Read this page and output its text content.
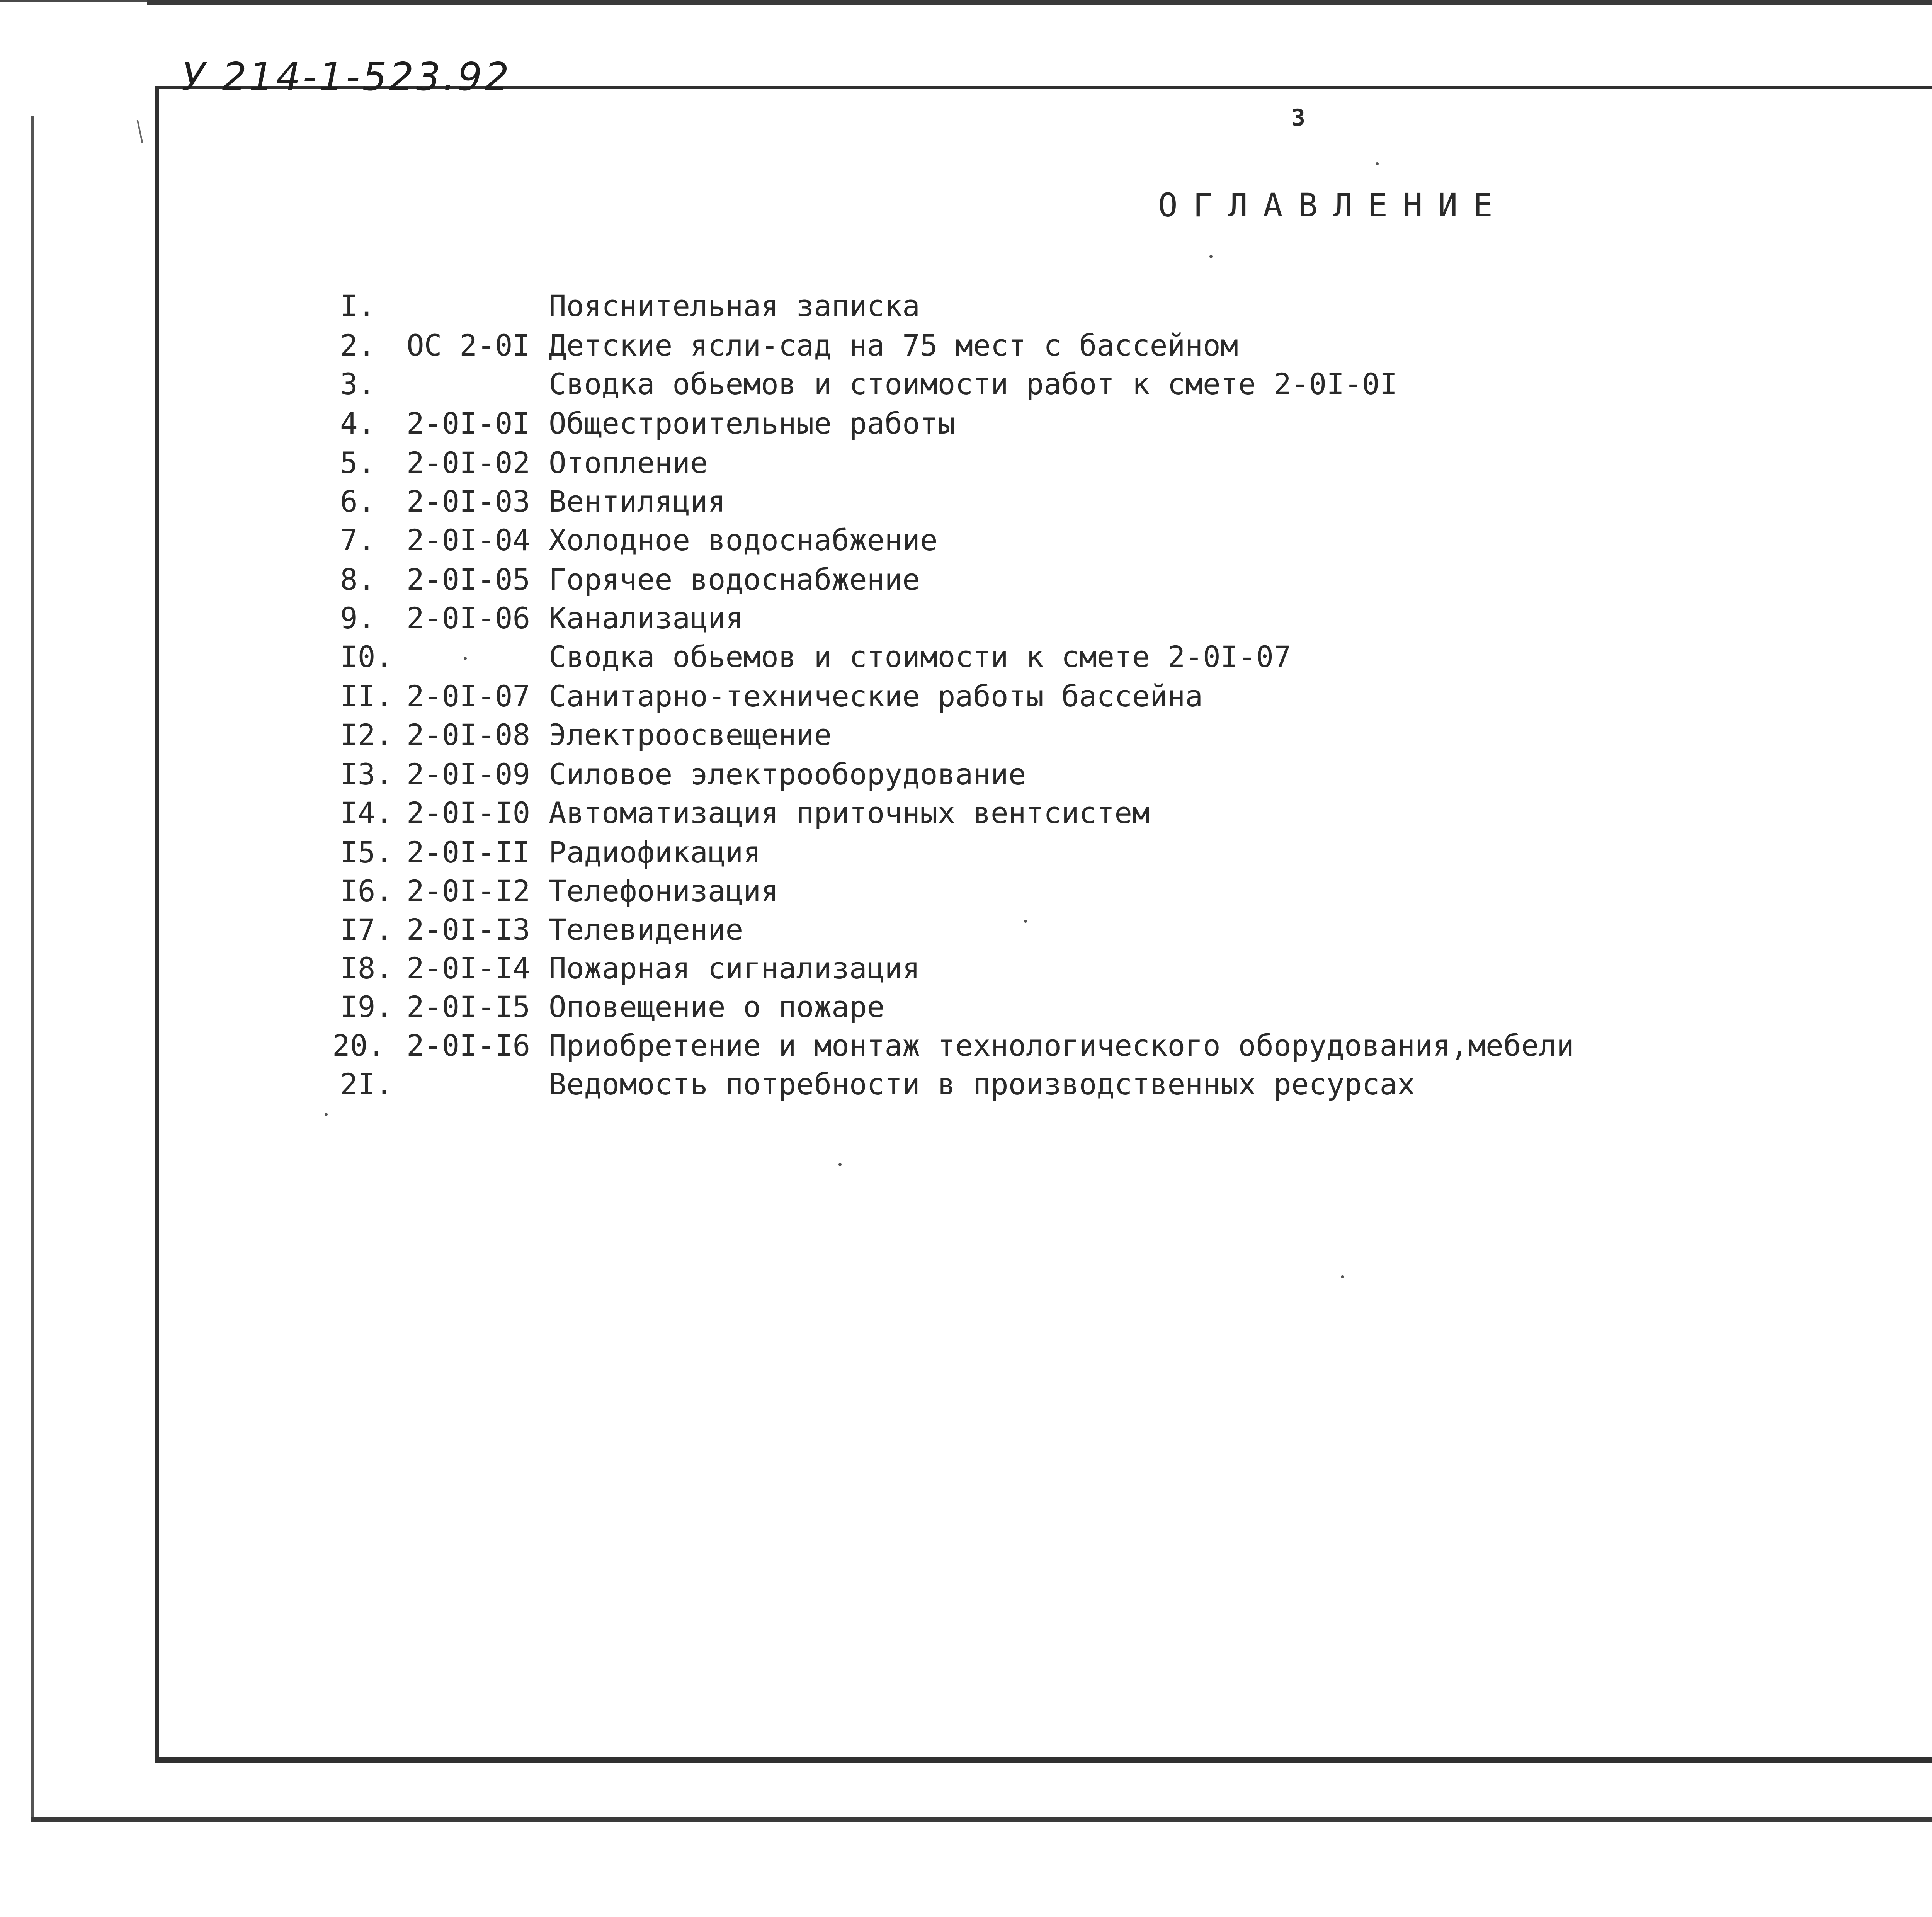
У 214-1-523.92
3
ОГЛАВЛЕНИЕ
I.	Пояснительная записка
2.	ОС 2-0I Детские ясли-сад на 75 мест с бассейном
3.	Сводка обьемов и стоимости работ к смете 2-0I-0I
4.	2-0I-0I Общестроительные работы
5.	2-0I-02 Отопление
6.	2-0I-03 Вентиляция
7.	2-0I-04 Холодное водоснабжение
8.	2-0I-05 Горячее водоснабжение
9.	2-0I-06 Канализация
I0.	Сводка обьемов и стоимости к смете 2-0I-07
II. 2-0I-07 Санитарно-технические работы бассейна
I2. 2-0I-08 Электроосвещение
I3. 2-0I-09 Силовое электрооборудование
I4. 2-0I-I0 Автоматизация приточных вентсистем
I5. 2-0I-II Радиофикация
I6. 2-0I-I2 Телефонизация
I7. 2-0I-I3 Телевидение
I8. 2-0I-I4 Пожарная сигнализация
I9. 2-0I-I5 Оповещение о пожаре
20. 2-0I-I6 Приобретение и монтаж технологического оборудования,мебели
2I.	Ведомость потребности в производственных ресурсах
